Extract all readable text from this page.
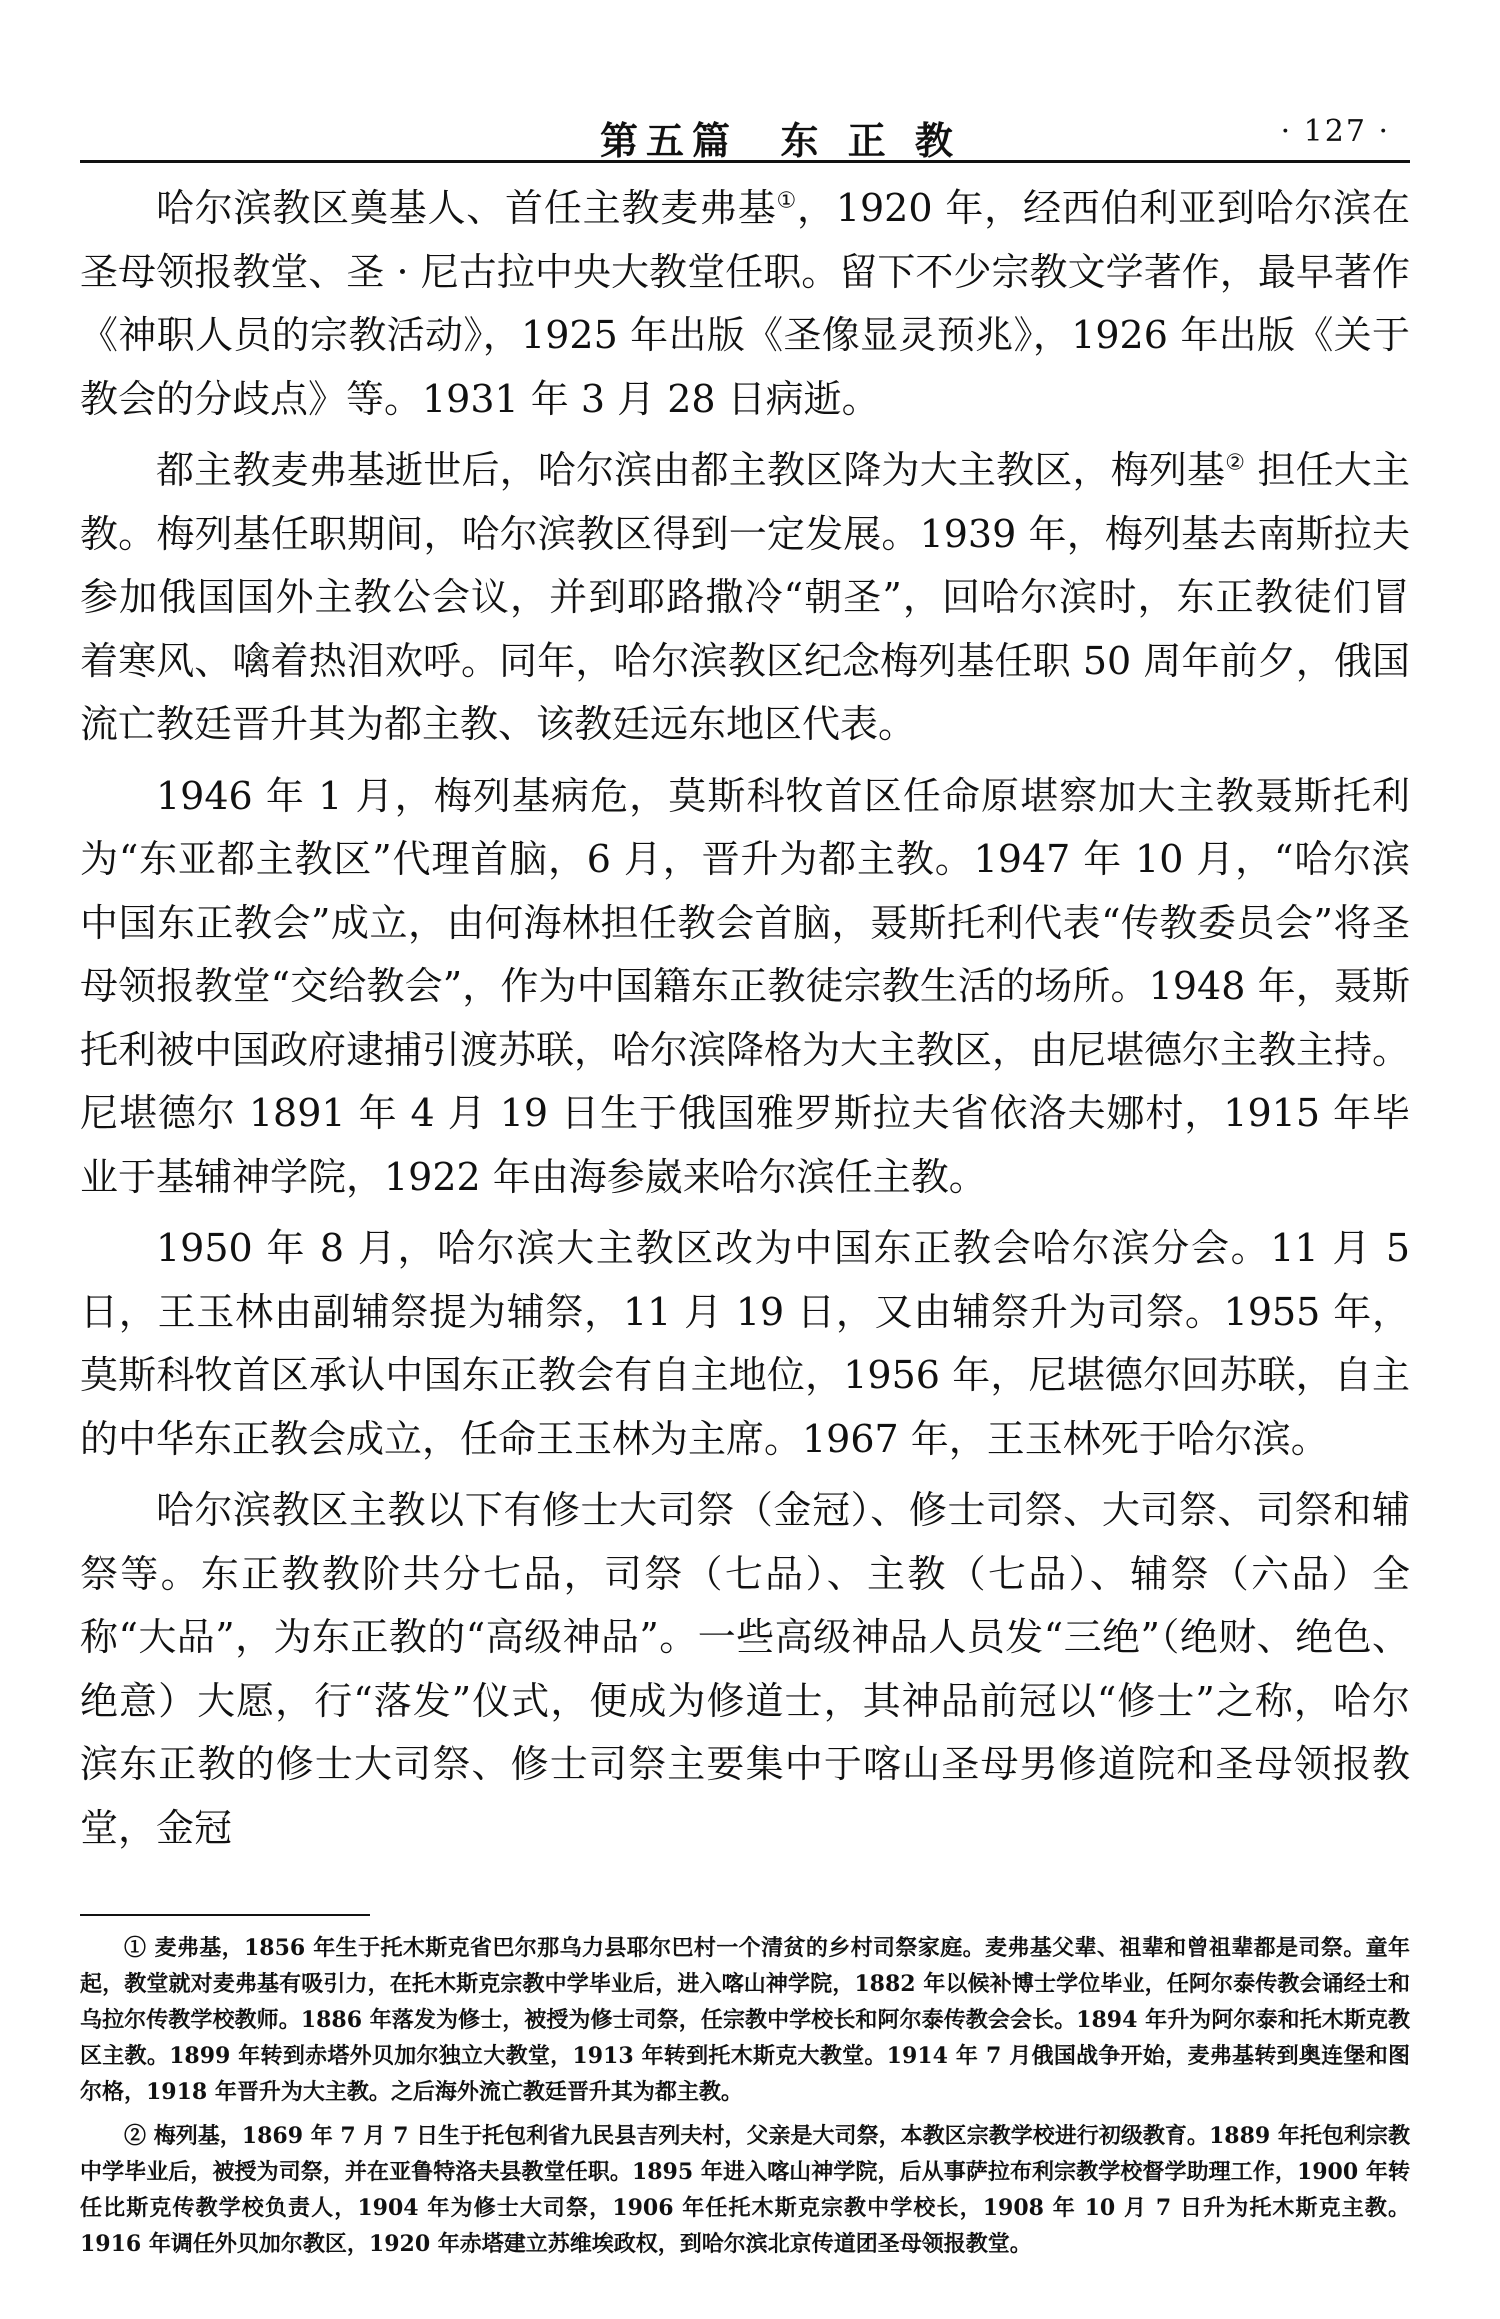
第五篇  东 正 教	· 127 ·

哈尔滨教区奠基人、首任主教麦弗基①，1920 年，经西伯利亚到哈尔滨在圣母领报教堂、圣 · 尼古拉中央大教堂任职。留下不少宗教文学著作，最早著作《神职人员的宗教活动》，1925 年出版《圣像显灵预兆》，1926 年出版《关于教会的分歧点》等。1931 年 3 月 28 日病逝。

都主教麦弗基逝世后，哈尔滨由都主教区降为大主教区，梅列基② 担任大主教。梅列基任职期间，哈尔滨教区得到一定发展。1939 年，梅列基去南斯拉夫参加俄国国外主教公会议，并到耶路撒冷“朝圣”，回哈尔滨时，东正教徒们冒着寒风、噙着热泪欢呼。同年，哈尔滨教区纪念梅列基任职 50 周年前夕，俄国流亡教廷晋升其为都主教、该教廷远东地区代表。

1946 年 1 月，梅列基病危，莫斯科牧首区任命原堪察加大主教聂斯托利为“东亚都主教区”代理首脑，6 月，晋升为都主教。1947 年 10 月，“哈尔滨中国东正教会”成立，由何海林担任教会首脑，聂斯托利代表“传教委员会”将圣母领报教堂“交给教会”，作为中国籍东正教徒宗教生活的场所。1948 年，聂斯托利被中国政府逮捕引渡苏联，哈尔滨降格为大主教区，由尼堪德尔主教主持。尼堪德尔 1891 年 4 月 19 日生于俄国雅罗斯拉夫省依洛夫娜村，1915 年毕业于基辅神学院，1922 年由海参崴来哈尔滨任主教。

1950 年 8 月，哈尔滨大主教区改为中国东正教会哈尔滨分会。11 月 5 日，王玉林由副辅祭提为辅祭，11 月 19 日，又由辅祭升为司祭。1955 年，莫斯科牧首区承认中国东正教会有自主地位，1956 年，尼堪德尔回苏联，自主的中华东正教会成立，任命王玉林为主席。1967 年，王玉林死于哈尔滨。

哈尔滨教区主教以下有修士大司祭（金冠）、修士司祭、大司祭、司祭和辅祭等。东正教教阶共分七品，司祭（七品）、主教（七品）、辅祭（六品）全称“大品”，为东正教的“高级神品”。一些高级神品人员发“三绝”（绝财、绝色、绝意）大愿，行“落发”仪式，便成为修道士，其神品前冠以“修士”之称，哈尔滨东正教的修士大司祭、修士司祭主要集中于喀山圣母男修道院和圣母领报教堂，金冠

① 麦弗基，1856 年生于托木斯克省巴尔那乌力县耶尔巴村一个清贫的乡村司祭家庭。麦弗基父辈、祖辈和曾祖辈都是司祭。童年起，教堂就对麦弗基有吸引力，在托木斯克宗教中学毕业后，进入喀山神学院，1882 年以候补博士学位毕业，任阿尔泰传教会诵经士和乌拉尔传教学校教师。1886 年落发为修士，被授为修士司祭，任宗教中学校长和阿尔泰传教会会长。1894 年升为阿尔泰和托木斯克教区主教。1899 年转到赤塔外贝加尔独立大教堂，1913 年转到托木斯克大教堂。1914 年 7 月俄国战争开始，麦弗基转到奥连堡和图尔格，1918 年晋升为大主教。之后海外流亡教廷晋升其为都主教。

② 梅列基，1869 年 7 月 7 日生于托包利省九民县吉列夫村，父亲是大司祭，本教区宗教学校进行初级教育。1889 年托包利宗教中学毕业后，被授为司祭，并在亚鲁特洛夫县教堂任职。1895 年进入喀山神学院，后从事萨拉布利宗教学校督学助理工作，1900 年转任比斯克传教学校负责人，1904 年为修士大司祭，1906 年任托木斯克宗教中学校长，1908 年 10 月 7 日升为托木斯克主教。1916 年调任外贝加尔教区，1920 年赤塔建立苏维埃政权，到哈尔滨北京传道团圣母领报教堂。
